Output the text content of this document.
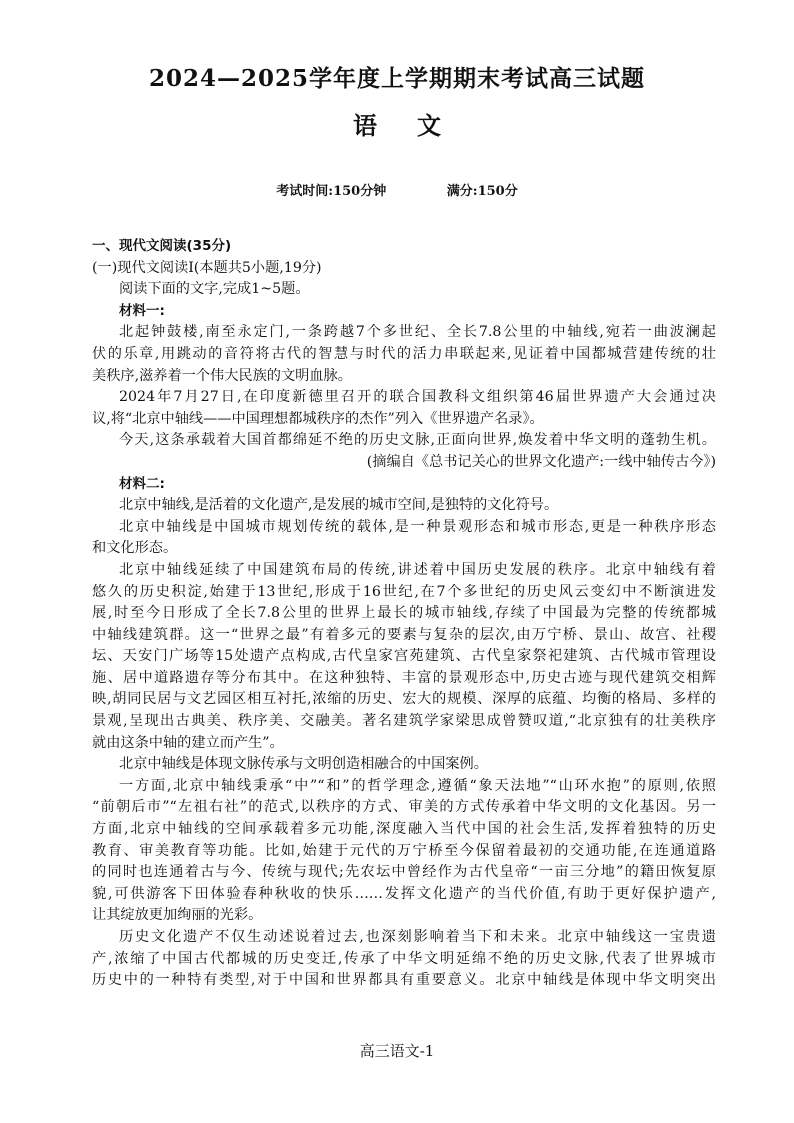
2024—2025学年度上学期期末考试高三试题
语文
考试时间:150分钟	满分:150分
一、现代文阅读(35分)
(一)现代文阅读Ⅰ(本题共5小题,19分)
阅读下面的文字,完成1~5题。
材料一:
北起钟鼓楼,南至永定门,一条跨越7个多世纪、全长7.8公里的中轴线,宛若一曲波澜起
伏的乐章,用跳动的音符将古代的智慧与时代的活力串联起来,见证着中国都城营建传统的壮
美秩序,滋养着一个伟大民族的文明血脉。
2024年7月27日,在印度新德里召开的联合国教科文组织第46届世界遗产大会通过决
议,将“北京中轴线——中国理想都城秩序的杰作”列入《世界遗产名录》。
今天,这条承载着大国首都绵延不绝的历史文脉,正面向世界,焕发着中华文明的蓬勃生机。
(摘编自《总书记关心的世界文化遗产:一线中轴传古今》)
材料二:
北京中轴线,是活着的文化遗产,是发展的城市空间,是独特的文化符号。
北京中轴线是中国城市规划传统的载体,是一种景观形态和城市形态,更是一种秩序形态
和文化形态。
北京中轴线延续了中国建筑布局的传统,讲述着中国历史发展的秩序。北京中轴线有着
悠久的历史积淀,始建于13世纪,形成于16世纪,在7个多世纪的历史风云变幻中不断演进发
展,时至今日形成了全长7.8公里的世界上最长的城市轴线,存续了中国最为完整的传统都城
中轴线建筑群。这一“世界之最”有着多元的要素与复杂的层次,由万宁桥、景山、故宫、社稷
坛、天安门广场等15处遗产点构成,古代皇家宫苑建筑、古代皇家祭祀建筑、古代城市管理设
施、居中道路遗存等分布其中。在这种独特、丰富的景观形态中,历史古迹与现代建筑交相辉
映,胡同民居与文艺园区相互衬托,浓缩的历史、宏大的规模、深厚的底蕴、均衡的格局、多样的
景观,呈现出古典美、秩序美、交融美。著名建筑学家梁思成曾赞叹道,“北京独有的壮美秩序
就由这条中轴的建立而产生”。
北京中轴线是体现文脉传承与文明创造相融合的中国案例。
一方面,北京中轴线秉承“中”“和”的哲学理念,遵循“象天法地”“山环水抱”的原则,依照
“前朝后市”“左祖右社”的范式,以秩序的方式、审美的方式传承着中华文明的文化基因。另一
方面,北京中轴线的空间承载着多元功能,深度融入当代中国的社会生活,发挥着独特的历史
教育、审美教育等功能。比如,始建于元代的万宁桥至今保留着最初的交通功能,在连通道路
的同时也连通着古与今、传统与现代;先农坛中曾经作为古代皇帝“一亩三分地”的籍田恢复原
貌,可供游客下田体验春种秋收的快乐……发挥文化遗产的当代价值,有助于更好保护遗产,
让其绽放更加绚丽的光彩。
历史文化遗产不仅生动述说着过去,也深刻影响着当下和未来。北京中轴线这一宝贵遗
产,浓缩了中国古代都城的历史变迁,传承了中华文明延绵不绝的历史文脉,代表了世界城市
历史中的一种特有类型,对于中国和世界都具有重要意义。北京中轴线是体现中华文明突出
高三语文-1
